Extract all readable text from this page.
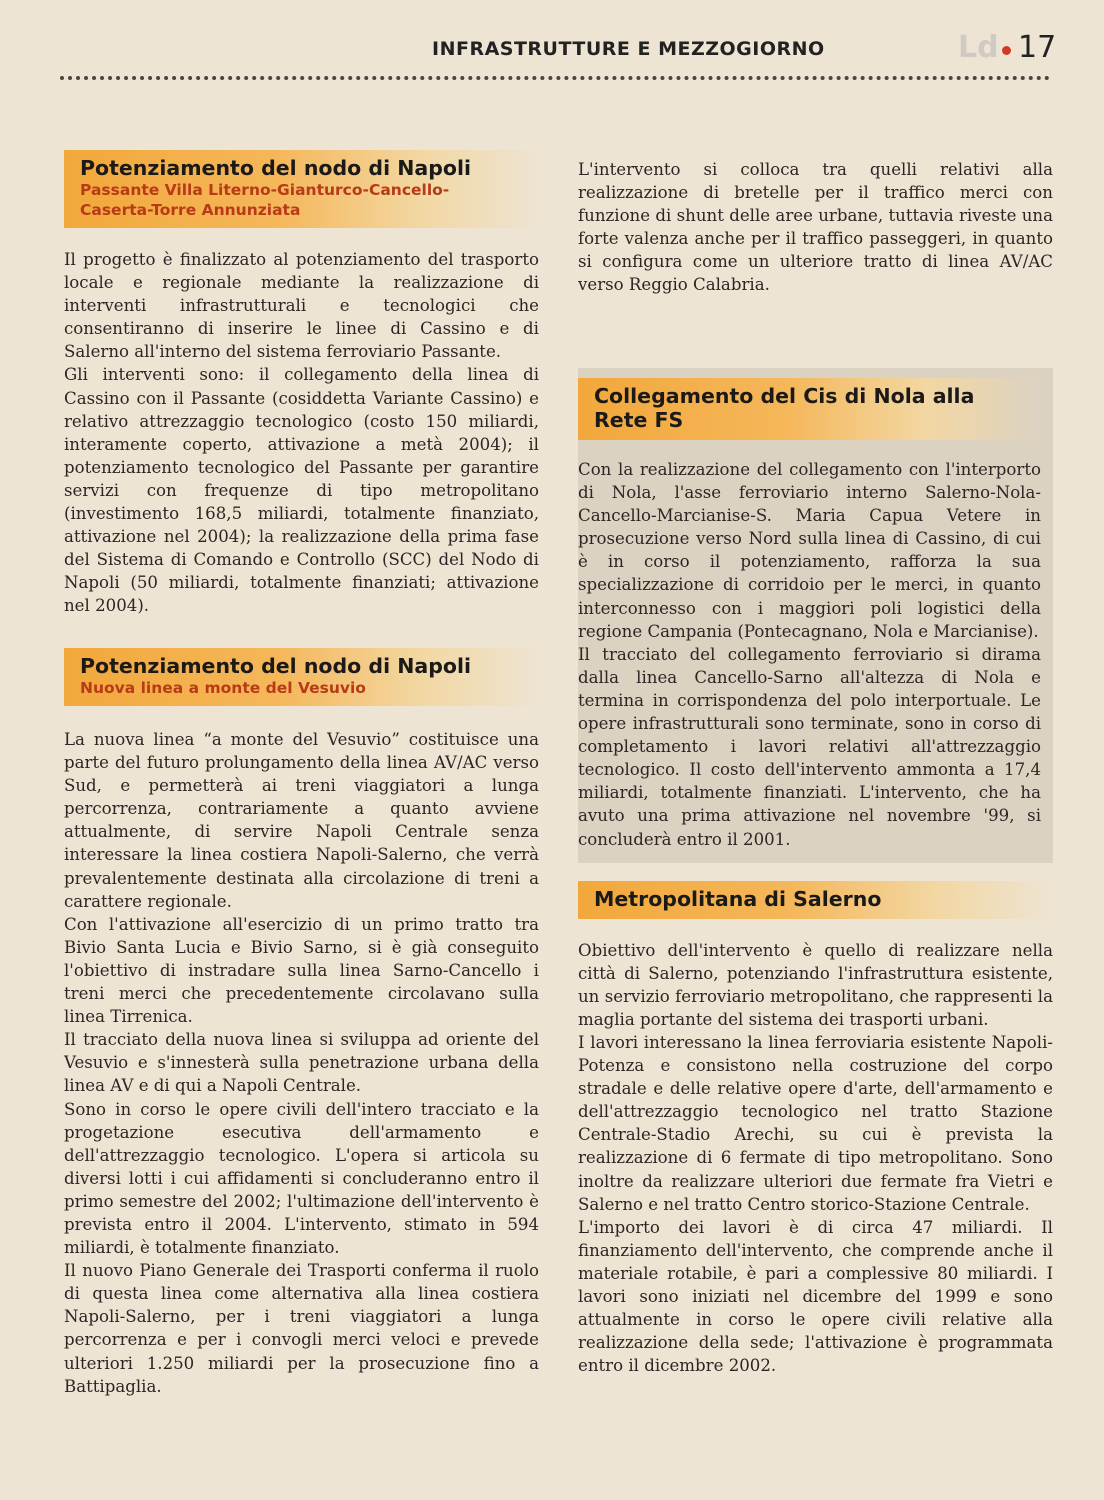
INFRASTRUTTURE E MEZZOGIORNO	Ld 17
Potenziamento del nodo di Napoli
Passante Villa Literno-Gianturco-Cancello-Caserta-Torre Annunziata

Il progetto è finalizzato al potenziamento del trasporto locale e regionale mediante la realizzazione di interventi infrastrutturali e tecnologici che consentiranno di inserire le linee di Cassino e di Salerno all'interno del sistema ferroviario Passante.

Gli interventi sono: il collegamento della linea di Cassino con il Passante (cosiddetta Variante Cassino) e relativo attrezzaggio tecnologico (costo 150 miliardi, interamente coperto, attivazione a metà 2004); il potenziamento tecnologico del Passante per garantire servizi con frequenze di tipo metropolitano (investimento 168,5 miliardi, totalmente finanziato, attivazione nel 2004); la realizzazione della prima fase del Sistema di Comando e Controllo (SCC) del Nodo di Napoli (50 miliardi, totalmente finanziati; attivazione nel 2004).

Potenziamento del nodo di Napoli
Nuova linea a monte del Vesuvio

La nuova linea “a monte del Vesuvio” costituisce una parte del futuro prolungamento della linea AV/AC verso Sud, e permetterà ai treni viaggiatori a lunga percorrenza, contrariamente a quanto avviene attualmente, di servire Napoli Centrale senza interessare la linea costiera Napoli-Salerno, che verrà prevalentemente destinata alla circolazione di treni a carattere regionale.

Con l'attivazione all'esercizio di un primo tratto tra Bivio Santa Lucia e Bivio Sarno, si è già conseguito l'obiettivo di instradare sulla linea Sarno-Cancello i treni merci che precedentemente circolavano sulla linea Tirrenica.

Il tracciato della nuova linea si sviluppa ad oriente del Vesuvio e s'innesterà sulla penetrazione urbana della linea AV e di qui a Napoli Centrale.

Sono in corso le opere civili dell'intero tracciato e la progetazione esecutiva dell'armamento e dell'attrezzaggio tecnologico. L'opera si articola su diversi lotti i cui affidamenti si concluderanno entro il primo semestre del 2002; l'ultimazione dell'intervento è prevista entro il 2004. L'intervento, stimato in 594 miliardi, è totalmente finanziato.

Il nuovo Piano Generale dei Trasporti conferma il ruolo di questa linea come alternativa alla linea costiera Napoli-Salerno, per i treni viaggiatori a lunga percorrenza e per i convogli merci veloci e prevede ulteriori 1.250 miliardi per la prosecuzione fino a Battipaglia.

L'intervento si colloca tra quelli relativi alla realizzazione di bretelle per il traffico merci con funzione di shunt delle aree urbane, tuttavia riveste una forte valenza anche per il traffico passeggeri, in quanto si configura come un ulteriore tratto di linea AV/AC verso Reggio Calabria.

Collegamento del Cis di Nola alla Rete FS

Con la realizzazione del collegamento con l'interporto di Nola, l'asse ferroviario interno Salerno-Nola-Cancello-Marcianise-S. Maria Capua Vetere in prosecuzione verso Nord sulla linea di Cassino, di cui è in corso il potenziamento, rafforza la sua specializzazione di corridoio per le merci, in quanto interconnesso con i maggiori poli logistici della regione Campania (Pontecagnano, Nola e Marcianise).

Il tracciato del collegamento ferroviario si dirama dalla linea Cancello-Sarno all'altezza di Nola e termina in corrispondenza del polo interportuale. Le opere infrastrutturali sono terminate, sono in corso di completamento i lavori relativi all'attrezzaggio tecnologico. Il costo dell'intervento ammonta a 17,4 miliardi, totalmente finanziati. L'intervento, che ha avuto una prima attivazione nel novembre '99, si concluderà entro il 2001.

Metropolitana di Salerno

Obiettivo dell'intervento è quello di realizzare nella città di Salerno, potenziando l'infrastruttura esistente, un servizio ferroviario metropolitano, che rappresenti la maglia portante del sistema dei trasporti urbani.

I lavori interessano la linea ferroviaria esistente Napoli-Potenza e consistono nella costruzione del corpo stradale e delle relative opere d'arte, dell'armamento e dell'attrezzaggio tecnologico nel tratto Stazione Centrale-Stadio Arechi, su cui è prevista la realizzazione di 6 fermate di tipo metropolitano. Sono inoltre da realizzare ulteriori due fermate fra Vietri e Salerno e nel tratto Centro storico-Stazione Centrale.

L'importo dei lavori è di circa 47 miliardi. Il finanziamento dell'intervento, che comprende anche il materiale rotabile, è pari a complessive 80 miliardi. I lavori sono iniziati nel dicembre del 1999 e sono attualmente in corso le opere civili relative alla realizzazione della sede; l'attivazione è programmata entro il dicembre 2002.
